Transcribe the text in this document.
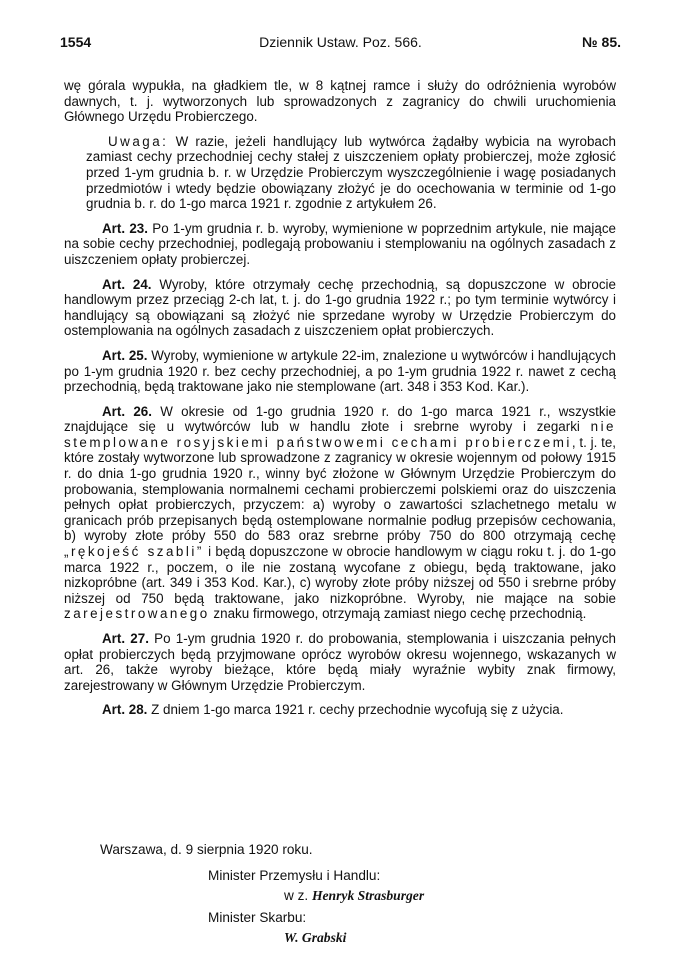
1554	Dziennik Ustaw. Poz. 566.	№ 85.

wę górala wypukła, na gładkiem tle, w 8 kątnej ramce i służy do odróżnienia wyrobów dawnych, t. j. wytworzonych lub sprowadzonych z zagranicy do chwili uruchomienia Głównego Urzędu Probierczego.

Uwaga: W razie, jeżeli handlujący lub wytwórca żądałby wybicia na wyrobach zamiast cechy przechodniej cechy stałej z uiszczeniem opłaty probierczej, może zgłosić przed 1-ym grudnia b. r. w Urzędzie Probierczym wyszczególnienie i wagę posiadanych przedmiotów i wtedy będzie obowiązany złożyć je do ocechowania w terminie od 1-go grudnia b. r. do 1-go marca 1921 r. zgodnie z artykułem 26.

Art. 23. Po 1-ym grudnia r. b. wyroby, wymienione w poprzednim artykule, nie mające na sobie cechy przechodniej, podlegają probowaniu i stemplowaniu na ogólnych zasadach z uiszczeniem opłaty probierczej.

Art. 24. Wyroby, które otrzymały cechę przechodnią, są dopuszczone w obrocie handlowym przez przeciąg 2-ch lat, t. j. do 1-go grudnia 1922 r.; po tym terminie wytwórcy i handlujący są obowiązani są złożyć nie sprzedane wyroby w Urzędzie Probierczym do ostemplowania na ogólnych zasadach z uiszczeniem opłat probierczych.

Art. 25. Wyroby, wymienione w artykule 22-im, znalezione u wytwórców i handlujących po 1-ym grudnia 1920 r. bez cechy przechodniej, a po 1-ym grudnia 1922 r. nawet z cechą przechodnią, będą traktowane jako nie stemplowane (art. 348 i 353 Kod. Kar.).

Art. 26. W okresie od 1-go grudnia 1920 r. do 1-go marca 1921 r., wszystkie znajdujące się u wytwórców lub w handlu złote i srebrne wyroby i zegarki nie stemplowane rosyjskiemi państwowemi cechami probierczemi, t. j. te, które zostały wytworzone lub sprowadzone z zagranicy w okresie wojennym od połowy 1915 r. do dnia 1-go grudnia 1920 r., winny być złożone w Głównym Urzędzie Probierczym do probowania, stemplowania normalnemi cechami probierczemi polskiemi oraz do uiszczenia pełnych opłat probierczych, przyczem: a) wyroby o zawartości szlachetnego metalu w granicach prób przepisanych będą ostemplowane normalnie podług przepisów cechowania, b) wyroby złote próby 550 do 583 oraz srebrne próby 750 do 800 otrzymają cechę „rękojeść szabli” i będą dopuszczone w obrocie handlowym w ciągu roku t. j. do 1-go marca 1922 r., poczem, o ile nie zostaną wycofane z obiegu, będą traktowane, jako nizkopróbne (art. 349 i 353 Kod. Kar.), c) wyroby złote próby niższej od 550 i srebrne próby niższej od 750 będą traktowane, jako nizkopróbne. Wyroby, nie mające na sobie zarejestrowanego znaku firmowego, otrzymają zamiast niego cechę przechodnią.

Art. 27. Po 1-ym grudnia 1920 r. do probowania, stemplowania i uiszczania pełnych opłat probierczych będą przyjmowane oprócz wyrobów okresu wojennego, wskazanych w art. 26, także wyroby bieżące, które będą miały wyraźnie wybity znak firmowy, zarejestrowany w Głównym Urzędzie Probierczym.

Art. 28. Z dniem 1-go marca 1921 r. cechy przechodnie wycofują się z użycia.

Warszawa, d. 9 sierpnia 1920 roku.
Minister Przemysłu i Handlu:
w z. Henryk Strasburger
Minister Skarbu:
W. Grabski
